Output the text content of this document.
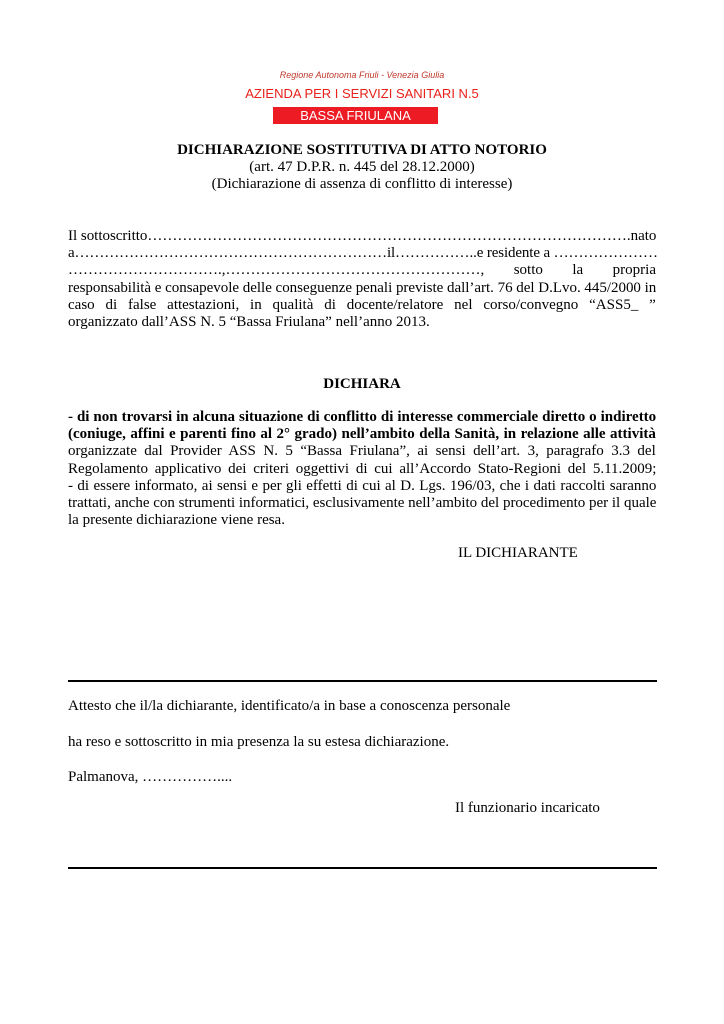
Regione Autonoma Friuli - Venezia Giulia
AZIENDA PER I SERVIZI SANITARI N.5
BASSA FRIULANA
DICHIARAZIONE SOSTITUTIVA DI ATTO NOTORIO
(art. 47 D.P.R. n. 445 del 28.12.2000)
(Dichiarazione di assenza di conflitto di interesse)
Il sottoscritto …………………………………………………………………………………….nato
a ………………………………………………………il……………..e residente a …………………
………………………….,……………………………………………, sotto la propria
responsabilità e consapevole delle conseguenze penali previste dall’art. 76 del D.Lvo. 445/2000 in
caso di false attestazioni, in qualità di docente/relatore nel corso/convegno “ASS5_ ”
organizzato dall’ASS N. 5 “Bassa Friulana” nell’anno 2013.
DICHIARA
- di non trovarsi in alcuna situazione di conflitto di interesse commerciale diretto o indiretto
(coniuge, affini e parenti fino al 2° grado) nell’ambito della Sanità, in relazione alle attività
organizzate dal Provider ASS N. 5 “Bassa Friulana”, ai sensi dell’art. 3, paragrafo 3.3 del
Regolamento applicativo dei criteri oggettivi di cui all’Accordo Stato-Regioni del 5.11.2009;
- di essere informato, ai sensi e per gli effetti di cui al D. Lgs. 196/03, che i dati raccolti saranno
trattati, anche con strumenti informatici, esclusivamente nell’ambito del procedimento per il quale
la presente dichiarazione viene resa.
IL DICHIARANTE
Attesto che il/la dichiarante, identificato/a in base a conoscenza personale
ha reso e sottoscritto in mia presenza la su estesa dichiarazione.
Palmanova, ……………....
Il funzionario incaricato
